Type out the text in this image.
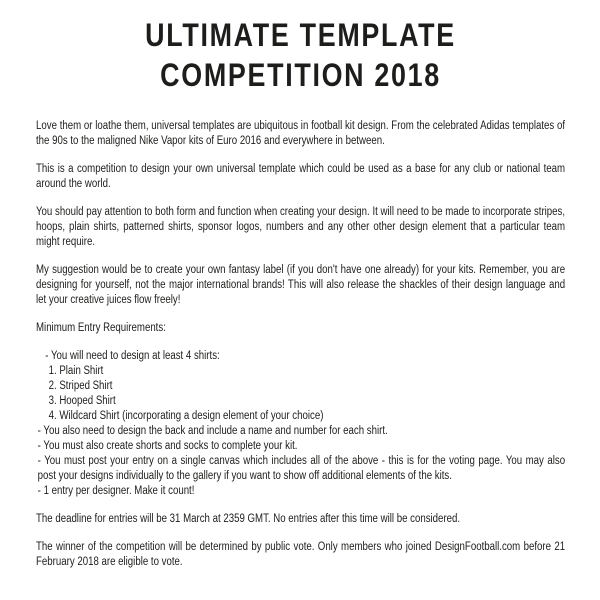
ULTIMATE TEMPLATE
COMPETITION 2018

Love them or loathe them, universal templates are ubiquitous in football kit design. From the celebrated Adidas templates of the 90s to the maligned Nike Vapor kits of Euro 2016 and everywhere in between.

This is a competition to design your own universal template which could be used as a base for any club or national team around the world.

You should pay attention to both form and function when creating your design. It will need to be made to incorporate stripes, hoops, plain shirts, patterned shirts, sponsor logos, numbers and any other other design element that a particular team might require.

My suggestion would be to create your own fantasy label (if you don't have one already) for your kits. Remember, you are designing for yourself, not the major international brands! This will also release the shackles of their design language and let your creative juices flow freely!

Minimum Entry Requirements:

- You will need to design at least 4 shirts:
1. Plain Shirt
2. Striped Shirt
3. Hooped Shirt
4. Wildcard Shirt (incorporating a design element of your choice)
- You also need to design the back and include a name and number for each shirt.
- You must also create shorts and socks to complete your kit.
- You must post your entry on a single canvas which includes all of the above - this is for the voting page. You may also post your designs individually to the gallery if you want to show off additional elements of the kits.
- 1 entry per designer. Make it count!

The deadline for entries will be 31 March at 2359 GMT. No entries after this time will be considered.

The winner of the competition will be determined by public vote. Only members who joined DesignFootball.com before 21 February 2018 are eligible to vote.
